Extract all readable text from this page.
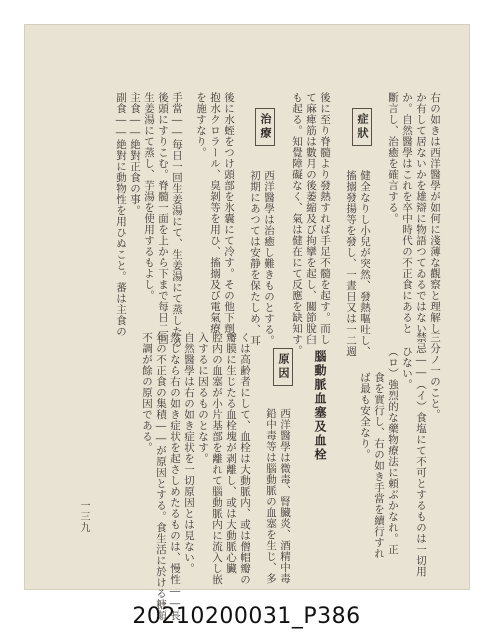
右の如きは西洋醫學が如何に淺薄な觀察と理解し
か有して居ないかを雄辯に物語つてゐるではない
か。自然醫學はこれを卒中時代の不正食にあると
斷言し、治癒を確言する。
症狀
健全なりし小兒が突然、發熱嘔吐し、
搐搦發揚等を發し、一晝日又は一二週
後に至り脊髓より發熱すれば手足不髓を起す。而し
て麻痺筋は數月の後萎縮及び拘攣を起し、關節脫臼
も起る。知覺障礙なく、氣は健在にて反應を缺知す。
治療
西洋醫學は治癒し難きものとする。
初期にあつては安静を保たしめ、耳
後に水蛭をつけ頭部を氷囊にて冷す。その他下劑、
抱水クロラール、臭剝等を用ひ、搐搦及び電氣療
を施すなり。
手當――毎日一回生姜湯にて、生姜湯にて蒸したる
後頭にすりこむ。脊髓一面を上から下まで每日二回
生姜湯にて蒸し、芋湯を使用するもよし。
主食――絶對正食の事。
副食――絶對に動物性を用ひぬこと。蕃は主食の
三分ノ一のこと。
禁忌――（イ）食塩にて不可とするものは一切用
ひない。
（ロ）強烈的な藥物療法に頼ぶかなれ。正
食を實行し、右の如き手當を續行すれ
ば最も安全なり。
腦動脈血塞及血栓
原因
西洋醫學は微毒、腎臓炎、酒精中毒
鉛中毒等は腦動脈の血塞を生じ、多
くは高齢者にして、血栓は大動脈内、或は僧帽瓣の
瓣膜に生じたる血栓塊が剥離し、或は大動脈心臟
腔内の血塞が小片基部を離れて腦動脈内に流入し嵌
入するに因るものとなす。
自然醫學は右の如き症状を一切原因とは見ない。
然しなら右の如き症状を起さしめたるものは、慢性――長
年の不正食の集積――が原因とする。食生活に於ける糖類
不調が餘の原因である。
一三九
20210200031_P386
